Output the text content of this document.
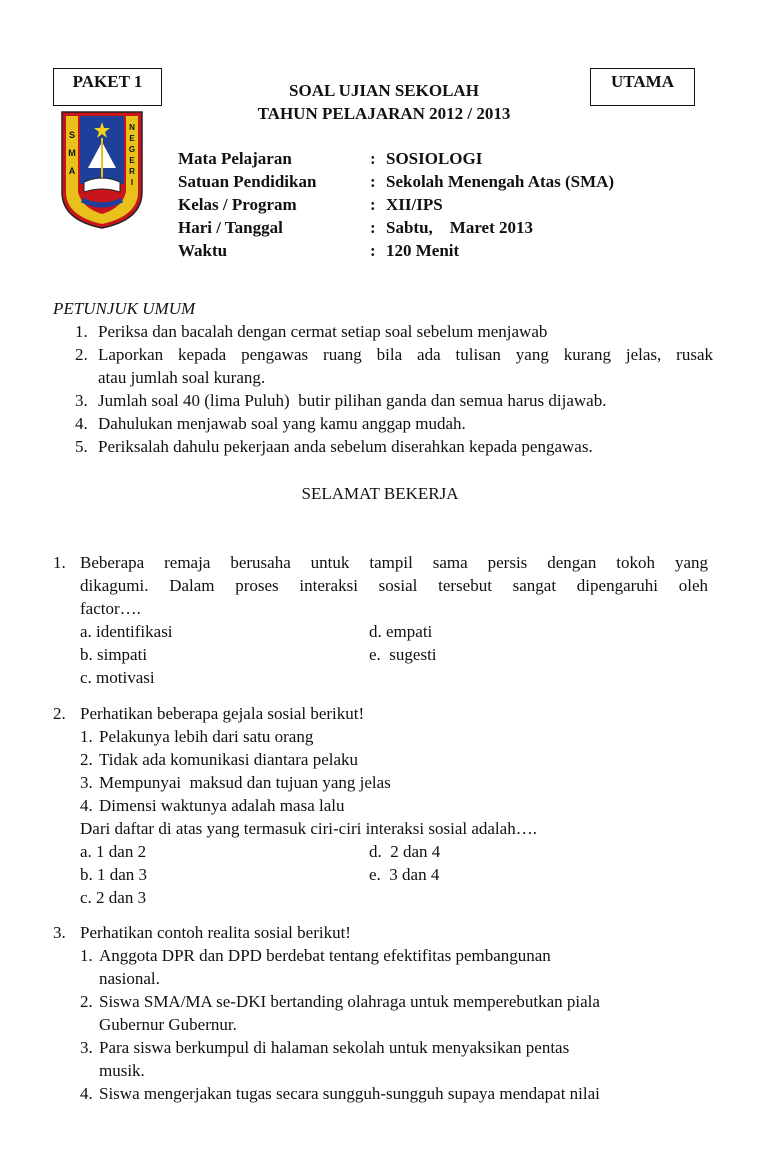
PAKET 1	UTAMA
SOAL UJIAN SEKOLAH
TAHUN PELAJARAN 2012 / 2013
S
M
A
N
E
G
E
R
I
Mata Pelajaran	: SOSIOLOGI
Satuan Pendidikan	: Sekolah Menengah Atas (SMA)
Kelas / Program	: XII/IPS
Hari / Tanggal	: Sabtu,    Maret 2013
Waktu	: 120 Menit
PETUNJUK UMUM
1. Periksa dan bacalah dengan cermat setiap soal sebelum menjawab
2. Laporkan kepada pengawas ruang bila ada tulisan yang kurang jelas, rusak
atau jumlah soal kurang.
3. Jumlah soal 40 (lima Puluh)  butir pilihan ganda dan semua harus dijawab.
4. Dahulukan menjawab soal yang kamu anggap mudah.
5. Periksalah dahulu pekerjaan anda sebelum diserahkan kepada pengawas.
SELAMAT BEKERJA
1. Beberapa remaja berusaha untuk tampil sama persis dengan tokoh yang
dikagumi. Dalam proses interaksi sosial tersebut sangat dipengaruhi oleh
factor….
a. identifikasi	d. empati
b. simpati	e.  sugesti
c. motivasi
2. Perhatikan beberapa gejala sosial berikut!
1. Pelakunya lebih dari satu orang
2. Tidak ada komunikasi diantara pelaku
3. Mempunyai  maksud dan tujuan yang jelas
4. Dimensi waktunya adalah masa lalu
Dari daftar di atas yang termasuk ciri-ciri interaksi sosial adalah….
a. 1 dan 2	d.  2 dan 4
b. 1 dan 3	e.  3 dan 4
c. 2 dan 3
3. Perhatikan contoh realita sosial berikut!
1. Anggota DPR dan DPD berdebat tentang efektifitas pembangunan
nasional.
2. Siswa SMA/MA se-DKI bertanding olahraga untuk memperebutkan piala
Gubernur Gubernur.
3. Para siswa berkumpul di halaman sekolah untuk menyaksikan pentas
musik.
4. Siswa mengerjakan tugas secara sungguh-sungguh supaya mendapat nilai
